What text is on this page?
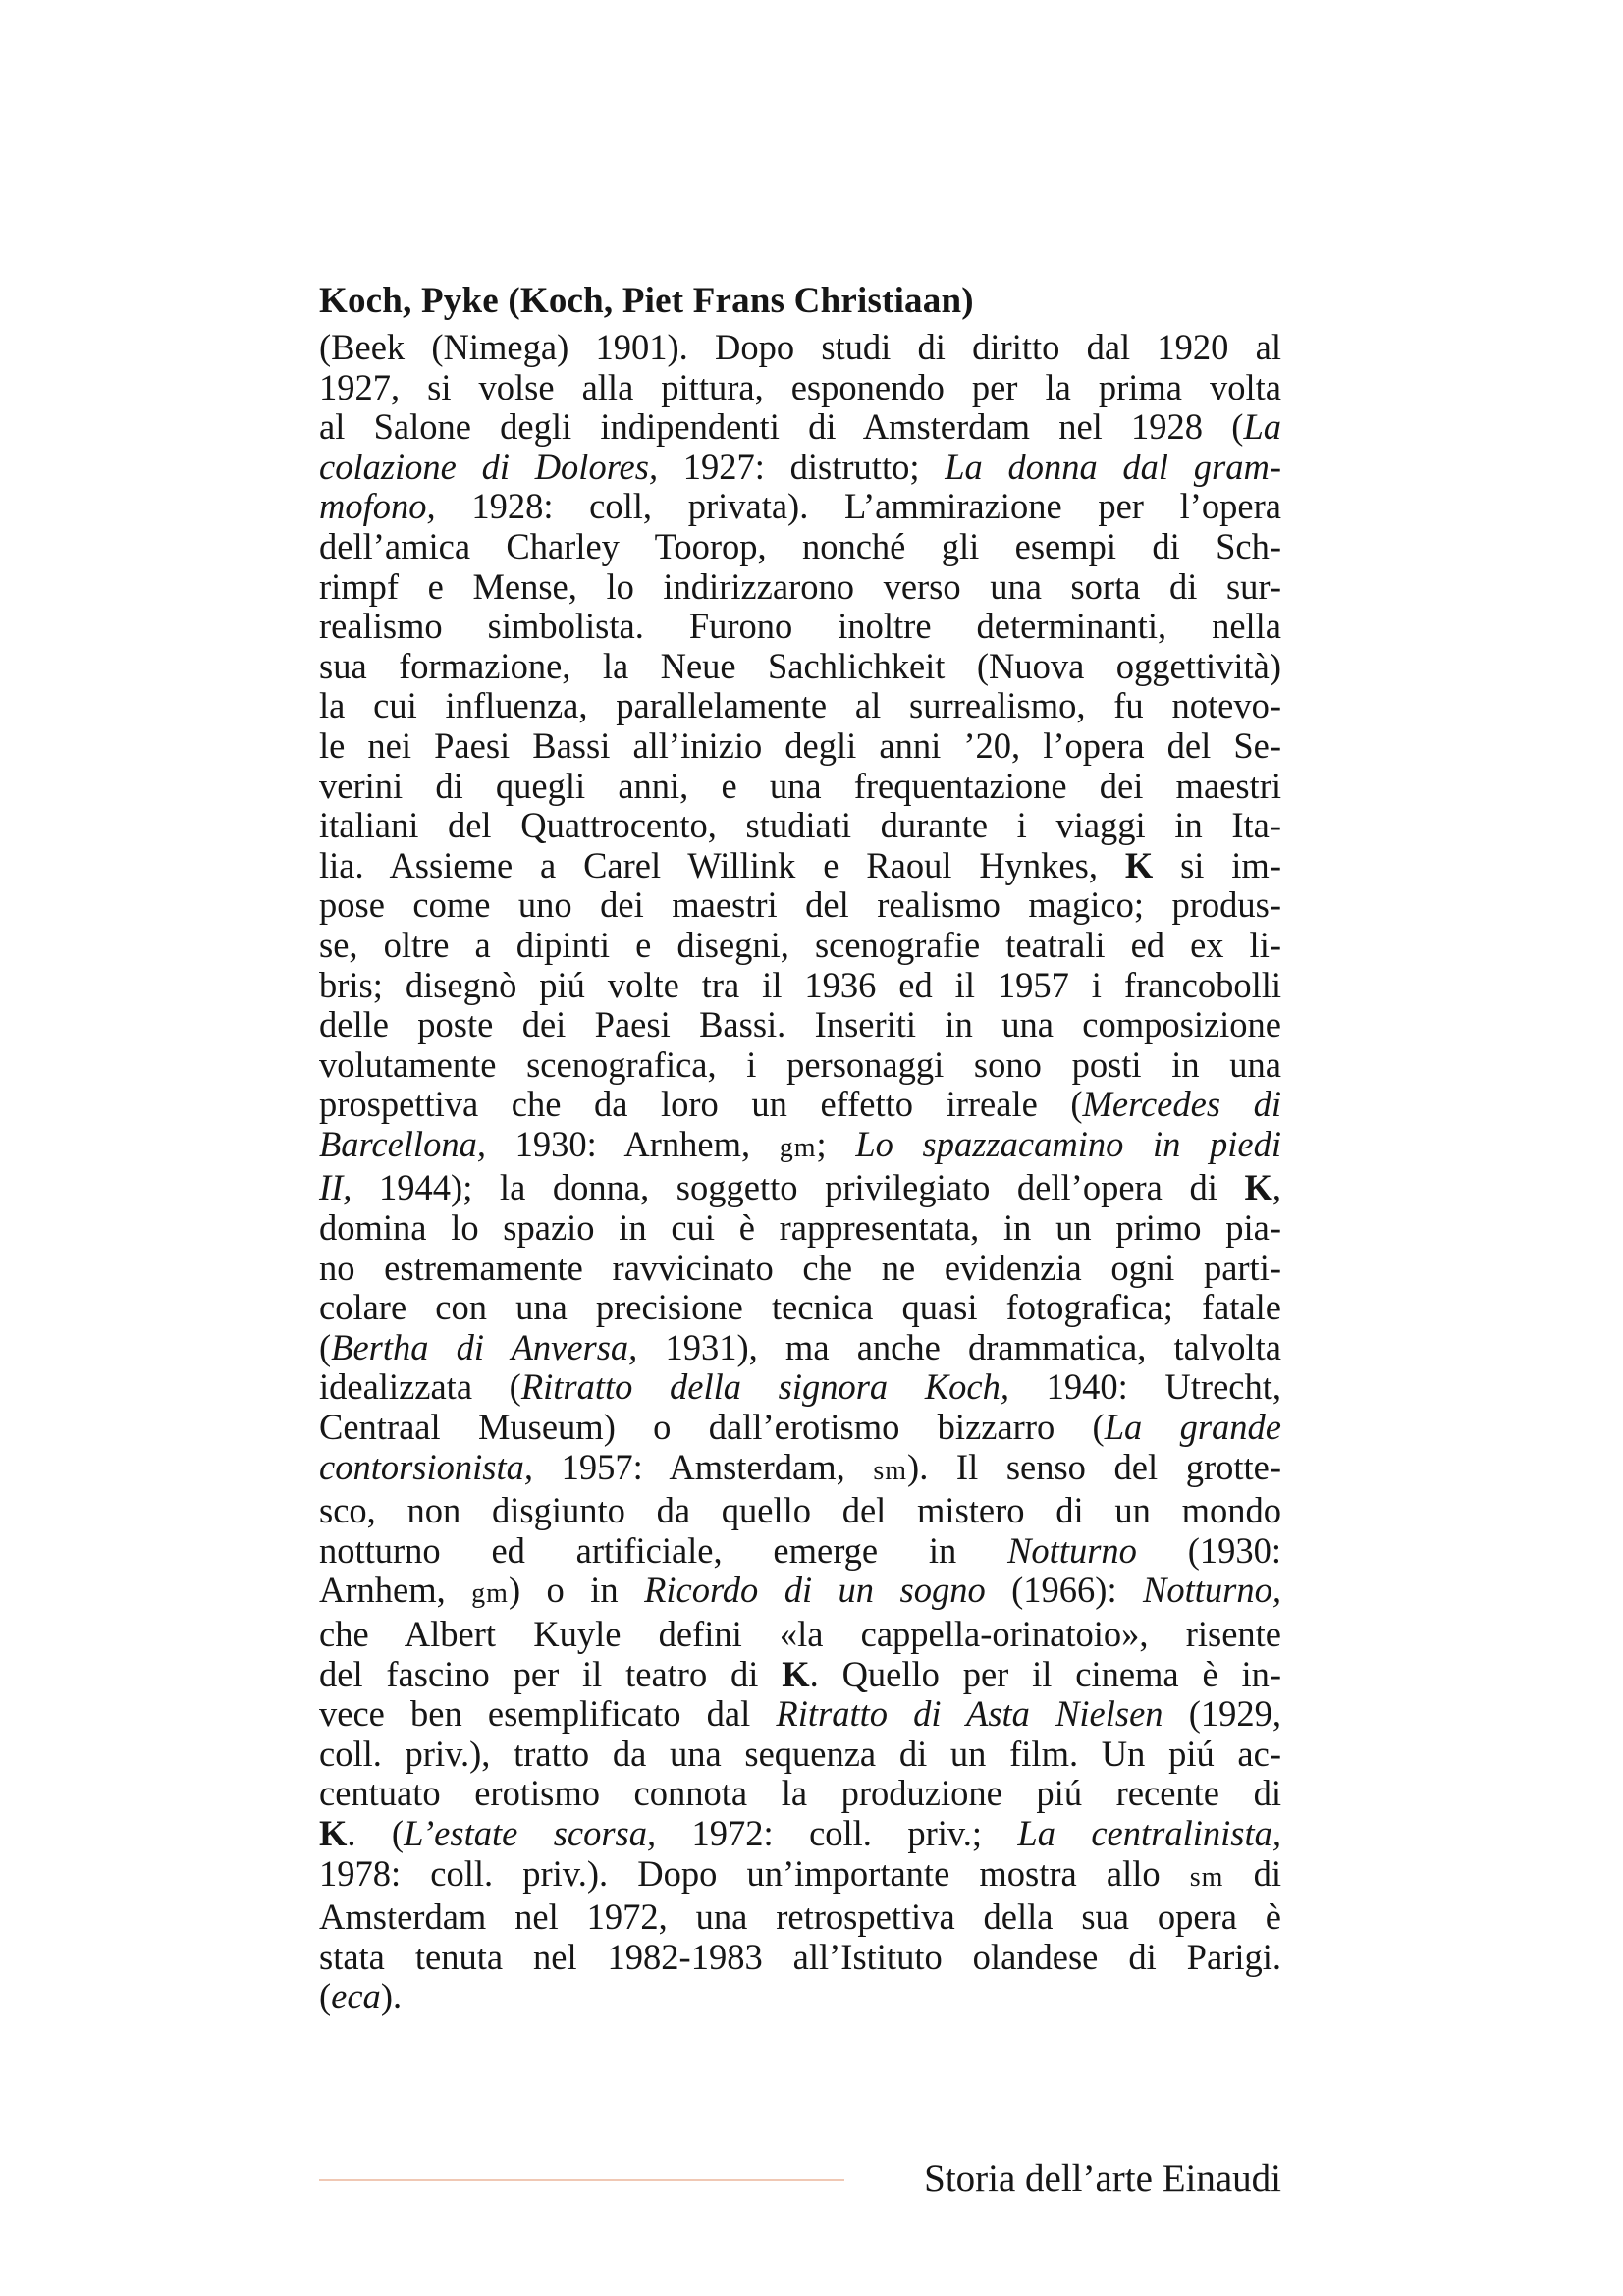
Koch, Pyke (Koch, Piet Frans Christiaan)
(Beek (Nimega) 1901). Dopo studi di diritto dal 1920 al
1927, si volse alla pittura, esponendo per la prima volta
al Salone degli indipendenti di Amsterdam nel 1928 (La
colazione di Dolores, 1927: distrutto; La donna dal gram-
mofono, 1928: coll, privata). L’ammirazione per l’opera
dell’amica Charley Toorop, nonché gli esempi di Sch-
rimpf e Mense, lo indirizzarono verso una sorta di sur-
realismo simbolista. Furono inoltre determinanti, nella
sua formazione, la Neue Sachlichkeit (Nuova oggettività)
la cui influenza, parallelamente al surrealismo, fu notevo-
le nei Paesi Bassi all’inizio degli anni ’20, l’opera del Se-
verini di quegli anni, e una frequentazione dei maestri
italiani del Quattrocento, studiati durante i viaggi in Ita-
lia. Assieme a Carel Willink e Raoul Hynkes, K si im-
pose come uno dei maestri del realismo magico; produs-
se, oltre a dipinti e disegni, scenografie teatrali ed ex li-
bris; disegnò piú volte tra il 1936 ed il 1957 i francobolli
delle poste dei Paesi Bassi. Inseriti in una composizione
volutamente scenografica, i personaggi sono posti in una
prospettiva che da loro un effetto irreale (Mercedes di
Barcellona, 1930: Arnhem, gm; Lo spazzacamino in piedi
II, 1944); la donna, soggetto privilegiato dell’opera di K,
domina lo spazio in cui è rappresentata, in un primo pia-
no estremamente ravvicinato che ne evidenzia ogni parti-
colare con una precisione tecnica quasi fotografica; fatale
(Bertha di Anversa, 1931), ma anche drammatica, talvolta
idealizzata (Ritratto della signora Koch, 1940: Utrecht,
Centraal Museum) o dall’erotismo bizzarro (La grande
contorsionista, 1957: Amsterdam, sm). Il senso del grotte-
sco, non disgiunto da quello del mistero di un mondo
notturno ed artificiale, emerge in Notturno (1930:
Arnhem, gm) o in Ricordo di un sogno (1966): Notturno,
che Albert Kuyle defini «la cappella-orinatoio», risente
del fascino per il teatro di K. Quello per il cinema è in-
vece ben esemplificato dal Ritratto di Asta Nielsen (1929,
coll. priv.), tratto da una sequenza di un film. Un piú ac-
centuato erotismo connota la produzione piú recente di
K. (L’estate scorsa, 1972: coll. priv.; La centralinista,
1978: coll. priv.). Dopo un’importante mostra allo sm di
Amsterdam nel 1972, una retrospettiva della sua opera è
stata tenuta nel 1982-1983 all’Istituto olandese di Parigi.
(eca).
Storia dell’arte Einaudi
